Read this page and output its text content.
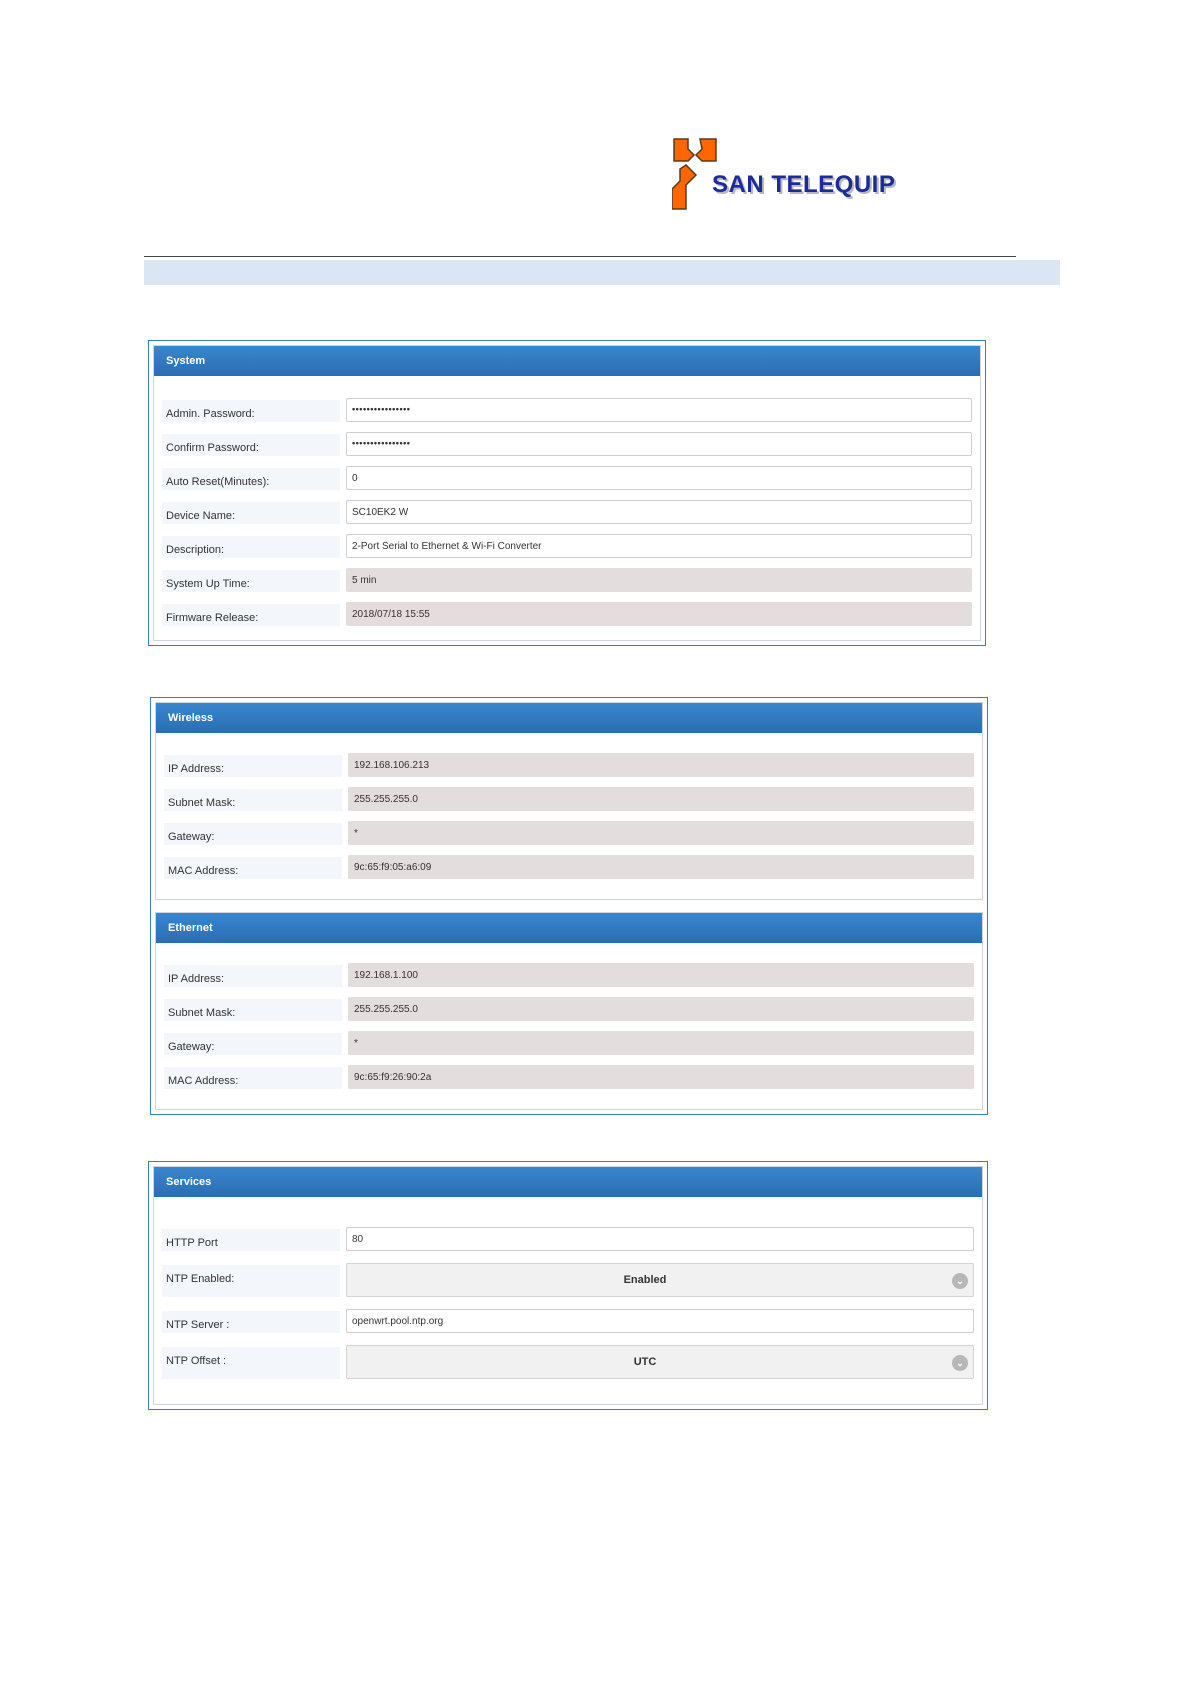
SAN TELEQUIP
System
Admin. Password:	••••••••••••••••
Confirm Password:	••••••••••••••••
Auto Reset(Minutes):	0
Device Name:	SC10EK2 W
Description:	2-Port Serial to Ethernet & Wi-Fi Converter
System Up Time:	5 min
Firmware Release:	2018/07/18 15:55
Wireless
IP Address:	192.168.106.213
Subnet Mask:	255.255.255.0
Gateway:	*
MAC Address:	9c:65:f9:05:a6:09
Ethernet
IP Address:	192.168.1.100
Subnet Mask:	255.255.255.0
Gateway:	*
MAC Address:	9c:65:f9:26:90:2a
Services
HTTP Port	80
NTP Enabled:	Enabled	⌄
NTP Server :	openwrt.pool.ntp.org
NTP Offset :	UTC	⌄
